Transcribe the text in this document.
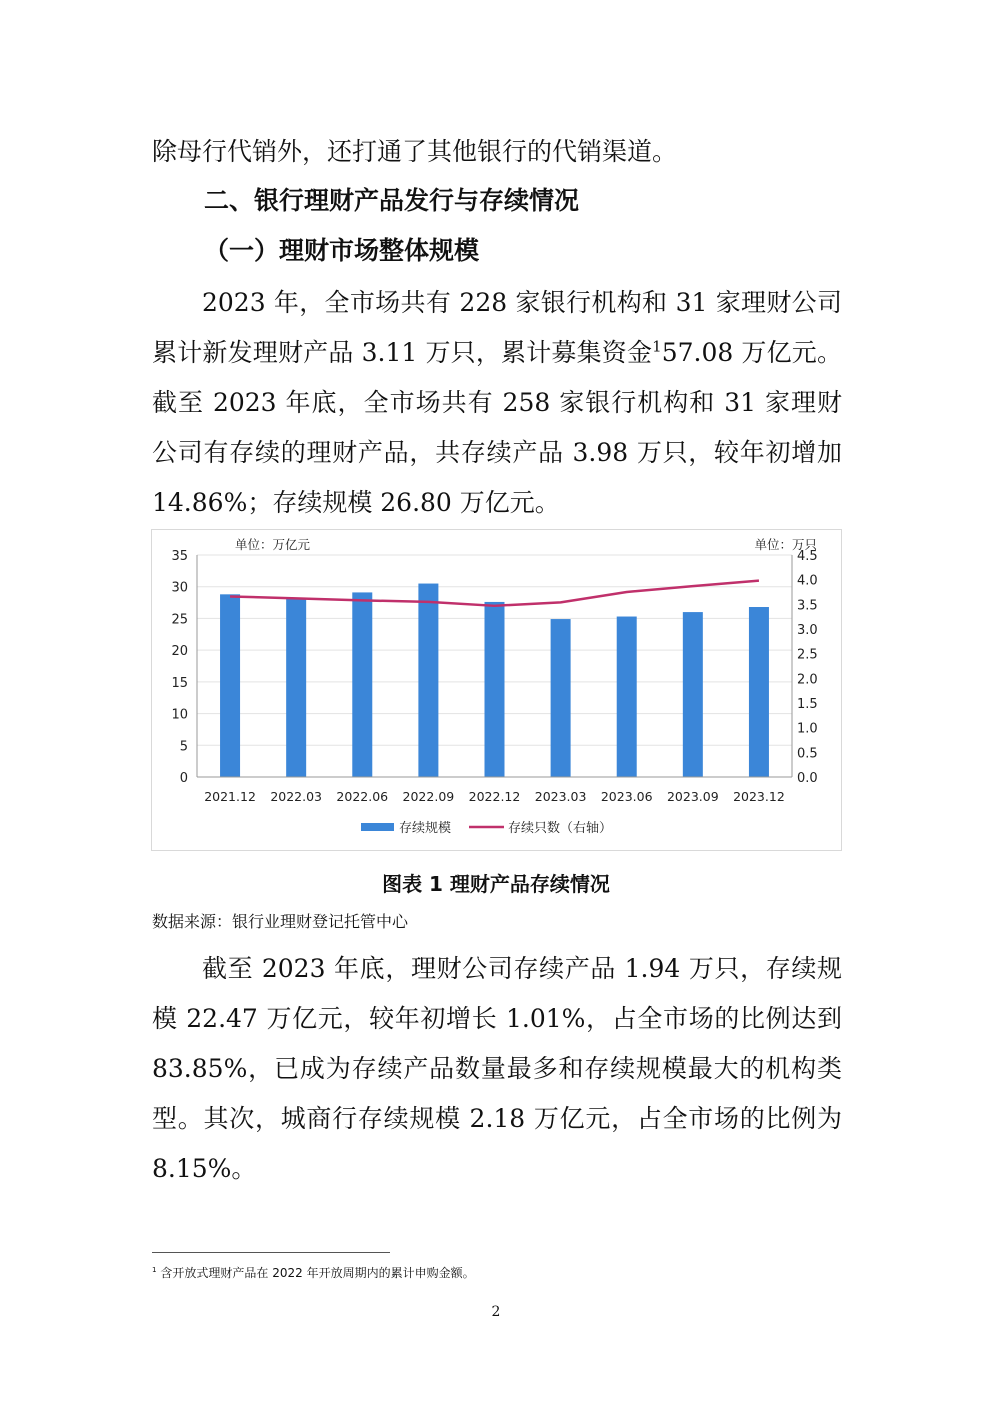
除母行代销外，还打通了其他银行的代销渠道。

二、银行理财产品发行与存续情况
（一）理财市场整体规模

2023 年，全市场共有 228 家银行机构和 31 家理财公司累计新发理财产品 3.11 万只，累计募集资金$^1$57.08 万亿元。截至 2023 年底，全市场共有 258 家银行机构和 31 家理财公司有存续的理财产品，共存续产品 3.98 万只，较年初增加 14.86%；存续规模 26.80 万亿元。

0
5
10
15
20
25
30
35
0.0
0.5
1.0
1.5
2.0
2.5
3.0
3.5
4.0
4.5
2021.12 2022.03 2022.06 2022.09 2022.12 2023.03 2023.06 2023.09 2023.12
单位：万亿元	单位：万只
存续规模	存续只数（右轴）

图表 1 理财产品存续情况

数据来源：银行业理财登记托管中心

截至 2023 年底，理财公司存续产品 1.94 万只，存续规模 22.47 万亿元，较年初增长 1.01%，占全市场的比例达到 83.85%，已成为存续产品数量最多和存续规模最大的机构类型。其次，城商行存续规模 2.18 万亿元，占全市场的比例为 8.15%。

$^1$ 含开放式理财产品在 2022 年开放周期内的累计申购金额。

2
